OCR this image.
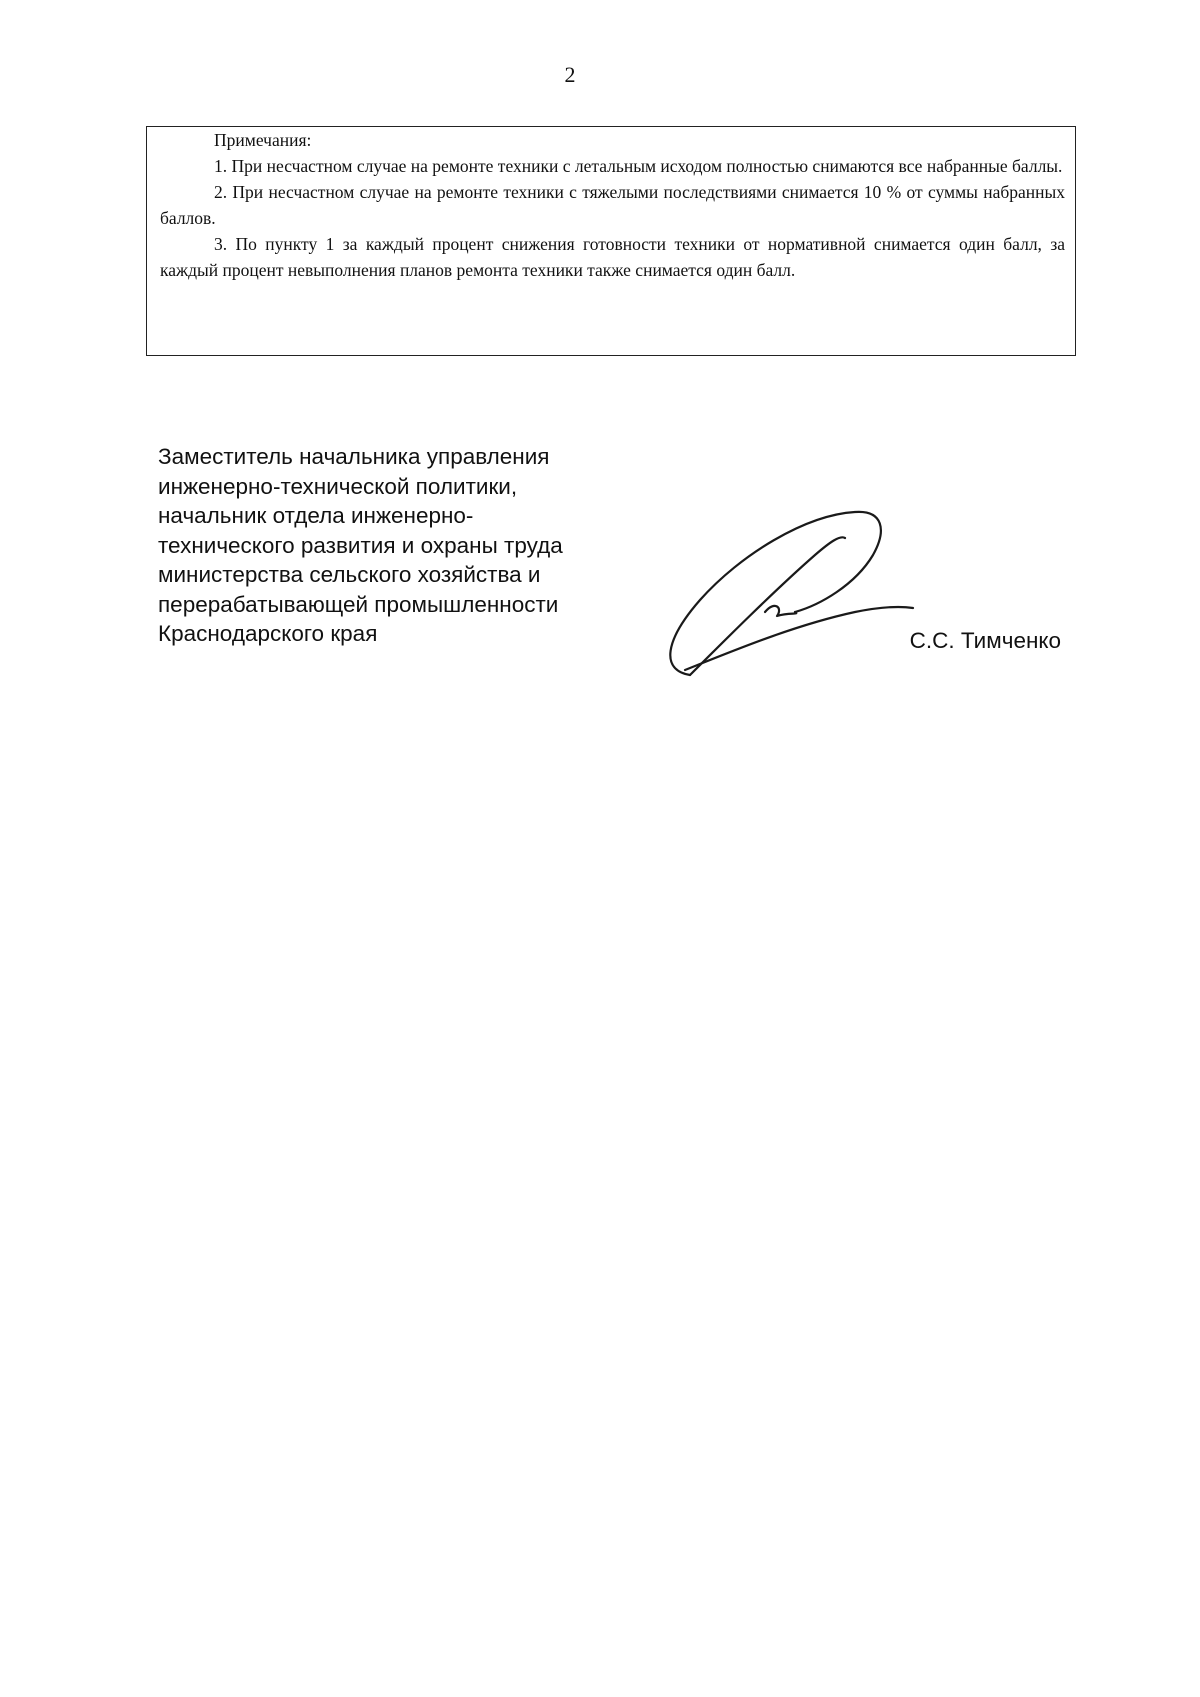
2
Примечания:
1. При несчастном случае на ремонте техники с летальным исходом полностью снимаются все набранные баллы.
2. При несчастном случае на ремонте техники с тяжелыми последствиями снимается 10 % от суммы набранных баллов.
3. По пункту 1 за каждый процент снижения готовности техники от нормативной снимается один балл, за каждый процент невыполнения планов ремонта техники также снимается один балл.
Заместитель начальника управления
инженерно-технической политики,
начальник отдела инженерно-
технического развития и охраны труда
министерства сельского хозяйства и
перерабатывающей промышленности
Краснодарского края	С.С. Тимченко
